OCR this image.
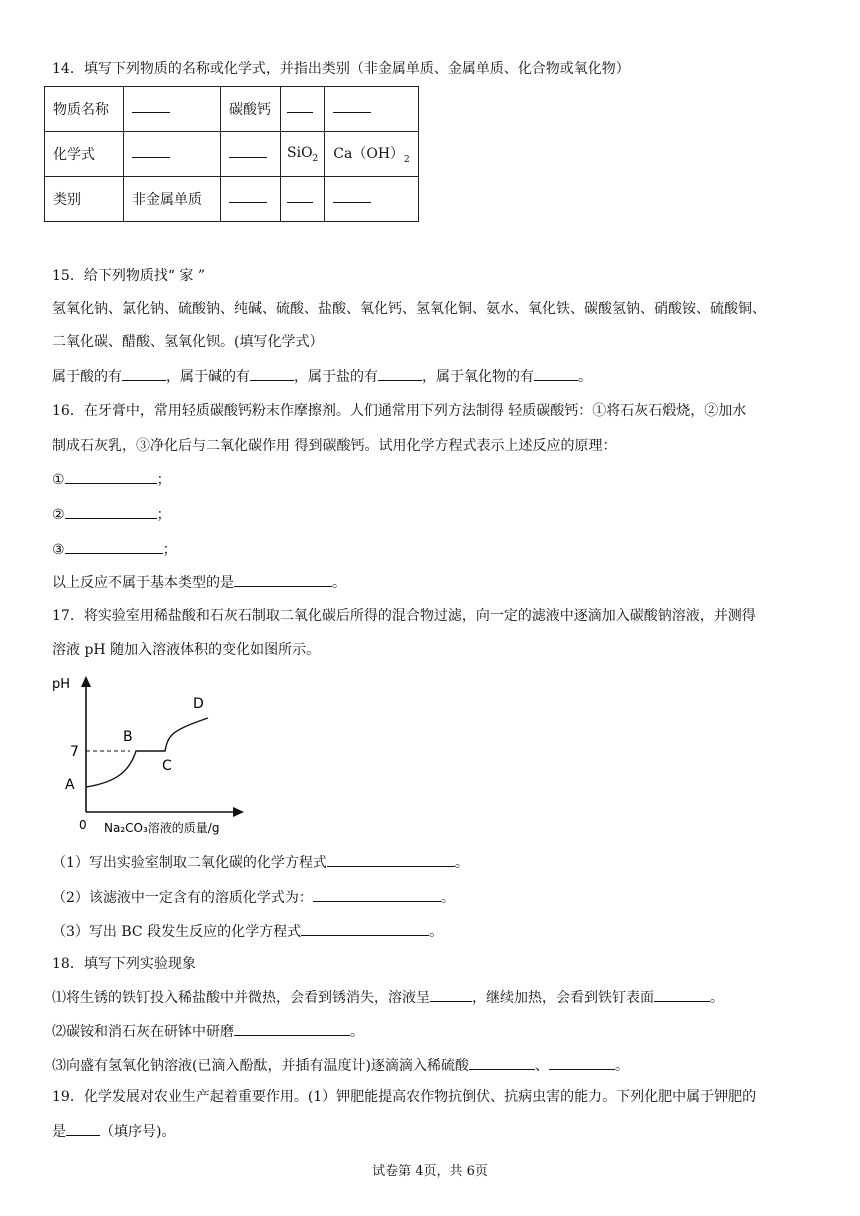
14．填写下列物质的名称或化学式，并指出类别（非金属单质、金属单质、化合物或氧化物）
物质名称		碳酸钙		
化学式			SiO$_2$	$Ca(OH)_2$
类别	非金属单质			
15．给下列物质找“ 家 ”
氢氧化钠、氯化钠、硫酸钠、纯碱、硫酸、盐酸、氧化钙、氢氧化铜、氨水、氧化铁、碳酸氢钠、硝酸铵、硫酸铜、
二氧化碳、醋酸、氢氧化钡。(填写化学式）
属于酸的有	，属于碱的有	，属于盐的有	，属于氧化物的有	。
16．在牙膏中，常用轻质碳酸钙粉末作摩擦剂。人们通常用下列方法制得 轻质碳酸钙：①将石灰石煅烧，②加水
制成石灰乳，③净化后与二氧化碳作用 得到碳酸钙。试用化学方程式表示上述反应的原理：
①	；
②	；
③	；
以上反应不属于基本类型的是	。
17．将实验室用稀盐酸和石灰石制取二氧化碳后所得的混合物过滤，向一定的滤液中逐滴加入碳酸钠溶液，并测得
溶液 pH 随加入溶液体积的变化如图所示。
pH
7
A
B
C
D
0 Na₂CO₃溶液的质量/g
（1）写出实验室制取二氧化碳的化学方程式	。
（2）该滤液中一定含有的溶质化学式为：	。
（3）写出 BC 段发生反应的化学方程式	。
18．填写下列实验现象
⑴将生锈的铁钉投入稀盐酸中并微热，会看到锈消失，溶液呈	，继续加热，会看到铁钉表面	。
⑵碳铵和消石灰在研钵中研磨	。
⑶向盛有氢氧化钠溶液(已滴入酚酞，并插有温度计)逐滴滴入稀硫酸	、	。
19．化学发展对农业生产起着重要作用。(1）钾肥能提高农作物抗倒伏、抗病虫害的能力。下列化肥中属于钾肥的
是 （填序号)。
试卷第 4页，共 6页
